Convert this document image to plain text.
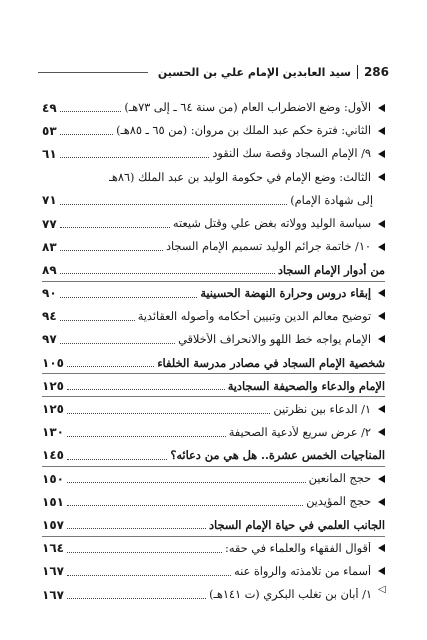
286
سيد العابدين الإمام علي بن الحسين
الأول: وضع الاضطراب العام (من سنة ٦٤ ـ إلى ٧٣هـ)
٤٩
الثاني: فترة حكم عبد الملك بن مروان: (من ٦٥ ـ ٨٥هـ)
٥٣
٩/ الإمام السجاد وقصة سك النقود
٦١
الثالث: وضع الإمام في حكومة الوليد بن عبد الملك (٨٦هـ
إلى شهادة الإمام)
٧١
سياسة الوليد وولاته بغض علي وقتل شيعته
٧٧
١٠/ خاتمة جرائم الوليد تسميم الإمام السجاد
٨٣
من أدوار الإمام السجاد
٨٩
إبقاء دروس وحرارة النهضة الحسينية
٩٠
توضيح معالم الدين وتبيين أحكامه وأصوله العقائدية
٩٤
الإمام يواجه خط اللهو والانحراف الأخلاقي
٩٧
شخصية الإمام السجاد في مصادر مدرسة الخلفاء
١٠٥
الإمام والدعاء والصحيفة السجادية
١٢٥
١/ الدعاء بين نظرتين
١٢٥
٢/ عرض سريع لأدعية الصحيفة
١٣٠
المناجيات الخمس عشرة.. هل هي من دعائه؟
١٤٥
حجج المانعين
١٥٠
حجج المؤيدين
١٥١
الجانب العلمي في حياة الإمام السجاد
١٥٧
أقوال الفقهاء والعلماء في حقه:
١٦٤
أسماء من تلامذته والرواة عنه
١٦٧
◁
١/ أبان بن تغلب البكري (ت ١٤١هـ)
١٦٧
